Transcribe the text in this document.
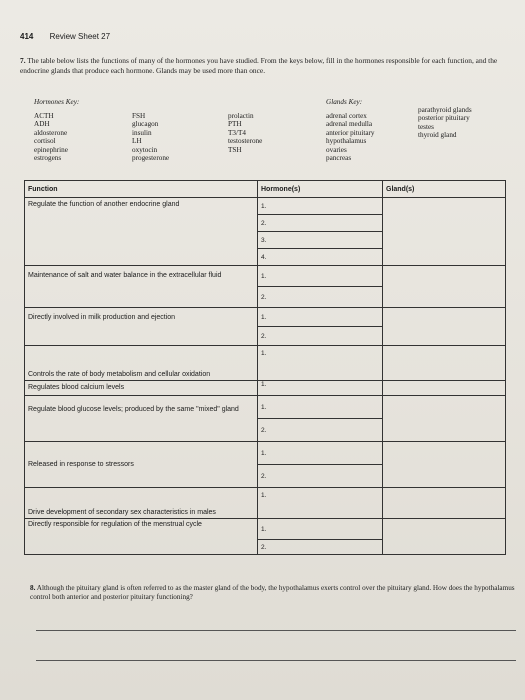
414 Review Sheet 27
7. The table below lists the functions of many of the hormones you have studied. From the keys below, fill in the hormones responsible for each function, and the endocrine glands that produce each hormone. Glands may be used more than once.
Hormones Key:
ACTH
ADH
aldosterone
cortisol
epinephrine
estrogens
FSH
glucagon
insulin
LH
oxytocin
progesterone
prolactin
PTH
T3/T4
testosterone
TSH
Glands Key:
adrenal cortex
adrenal medulla
anterior pituitary
hypothalamus
ovaries
pancreas
parathyroid glands
posterior pituitary
testes
thyroid gland
Function	Hormone(s)	Gland(s)
Regulate the function of another endocrine gland	1.	
	2.	
	3.	
	4.	
Maintenance of salt and water balance in the extracellular fluid	1.	
	2.	
Directly involved in milk production and ejection	1.	
	2.	
Controls the rate of body metabolism and cellular oxidation	1.	
Regulates blood calcium levels	1.	
Regulate blood glucose levels; produced by the same "mixed" gland	1.	
	2.	
Released in response to stressors	1.	
	2.	
Drive development of secondary sex characteristics in males	1.	
Directly responsible for regulation of the menstrual cycle	1.	
	2.	
8. Although the pituitary gland is often referred to as the master gland of the body, the hypothalamus exerts control over the pituitary gland. How does the hypothalamus control both anterior and posterior pituitary functioning?
